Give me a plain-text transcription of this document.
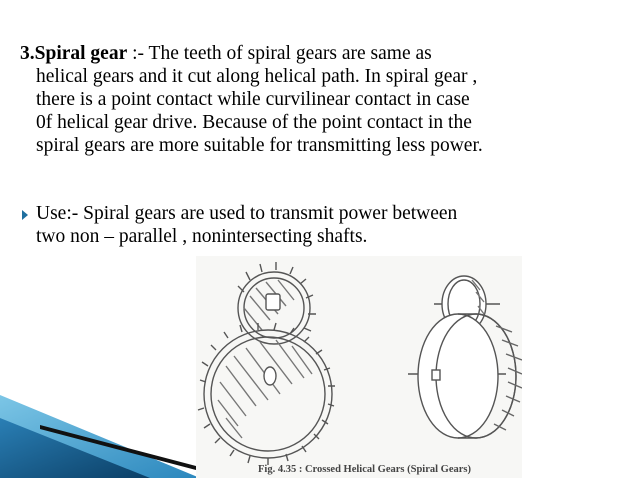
3.Spiral gear :- The teeth of spiral gears are same as
helical gears and it cut along helical path. In spiral gear ,
there is a point contact while curvilinear contact in case
0f helical gear drive. Because of the point contact in the
spiral gears are more suitable for transmitting less power.
Use:- Spiral gears are used to transmit power between
two non – parallel , nonintersecting shafts.
Fig. 4.35 : Crossed Helical Gears (Spiral Gears)
